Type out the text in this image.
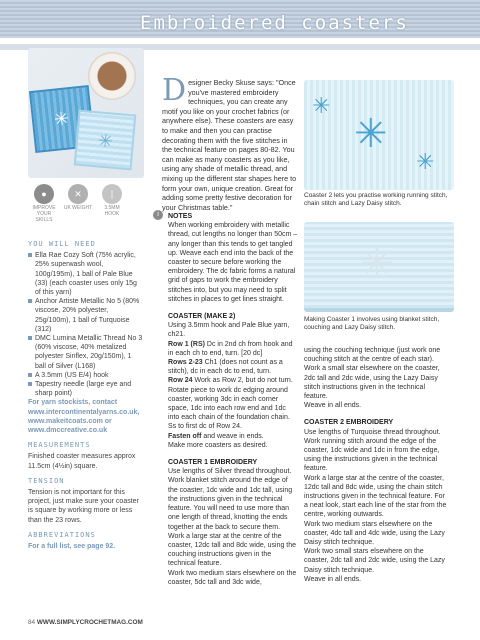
Embroidered coasters
✳
✳	✳
✳
✳
Coaster 2 lets you practise working running stitch, chain stitch and Lazy Daisy stitch.
✳
Making Coaster 1 involves using blanket stitch, couching and Lazy Daisy stitch.
●
IMPROVE YOUR SKILLS
✕
UK WEIGHT
∣
3.5MM HOOK
YOU WILL NEED
Ella Rae Cozy Soft (75% acrylic, 25% superwash wool, 100g/195m), 1 ball of Pale Blue (33) (each coaster uses only 15g of this yarn)
Anchor Artiste Metallic No 5 (80% viscose, 20% polyester, 25g/100m), 1 ball of Turquoise (312)
DMC Lumina Metallic Thread No 3 (60% viscose, 40% metalized polyester Sinflex, 20g/150m), 1 ball of Silver (L168)
A 3.5mm (US E/4) hook
Tapestry needle (large eye and sharp point)
For yarn stockists, contact www.intercontinentalyarns.co.uk, www.makeitcoats.com or www.dmccreative.co.uk
MEASUREMENTS
Finished coaster measures approx 11.5cm (4½in) square.
TENSION
Tension is not important for this project, just make sure your coaster is square by working more or less than the 23 rows.
ABBREVIATIONS
For a full list, see page 92.
Designer Becky Skuse says: "Once you've mastered embroidery techniques, you can create any motif you like on your crochet fabrics (or anywhere else). These coasters are easy to make and then you can practise decorating them with the five stitches in the technical feature on pages 80-82. You can make as many coasters as you like, using any shade of metallic thread, and mixing up the different star shapes here to form your own, unique creation. Great for adding some pretty festive decoration for your Christmas table."
i	NOTES
When working embroidery with metallic thread, cut lengths no longer than 50cm – any longer than this tends to get tangled up. Weave each end into the back of the coaster to secure before working the embroidery. The dc fabric forms a natural grid of gaps to work the embroidery stitches into, but you may need to split stitches in places to get lines straight.
COASTER (MAKE 2)
Using 3.5mm hook and Pale Blue yarn, ch21.
Row 1 (RS) Dc in 2nd ch from hook and in each ch to end, turn. [20 dc]
Rows 2-23 Ch1 (does not count as a stitch), dc in each dc to end, turn.
Row 24 Work as Row 2, but do not turn. Rotate piece to work dc edging around coaster, working 3dc in each corner space, 1dc into each row end and 1dc into each chain of the foundation chain. Ss to first dc of Row 24.
Fasten off and weave in ends.
Make more coasters as desired.
COASTER 1 EMBROIDERY
Use lengths of Silver thread throughout. Work blanket stitch around the edge of the coaster, 1dc wide and 1dc tall, using the instructions given in the technical feature. You will need to use more than one length of thread, knotting the ends together at the back to secure them.
Work a large star at the centre of the coaster, 12dc tall and 8dc wide, using the couching instructions given in the technical feature.
Work two medium stars elsewhere on the coaster, 5dc tall and 3dc wide,
using the couching technique (just work one couching stitch at the centre of each star).
Work a small star elsewhere on the coaster, 2dc tall and 2dc wide, using the Lazy Daisy stitch instructions given in the technical feature.
Weave in all ends.
COASTER 2 EMBROIDERY
Use lengths of Turquoise thread throughout.
Work running stitch around the edge of the coaster, 1dc wide and 1dc in from the edge, using the instructions given in the technical feature.
Work a large star at the centre of the coaster, 12dc tall and 8dc wide, using the chain stitch instructions given in the technical feature. For a neat look, start each line of the star from the centre, working outwards.
Work two medium stars elsewhere on the coaster, 4dc tall and 4dc wide, using the Lazy Daisy stitch technique.
Work two small stars elsewhere on the coaster, 2dc tall and 2dc wide, using the Lazy Daisy stitch technique.
Weave in all ends.
84 WWW.SIMPLYCROCHETMAG.COM
